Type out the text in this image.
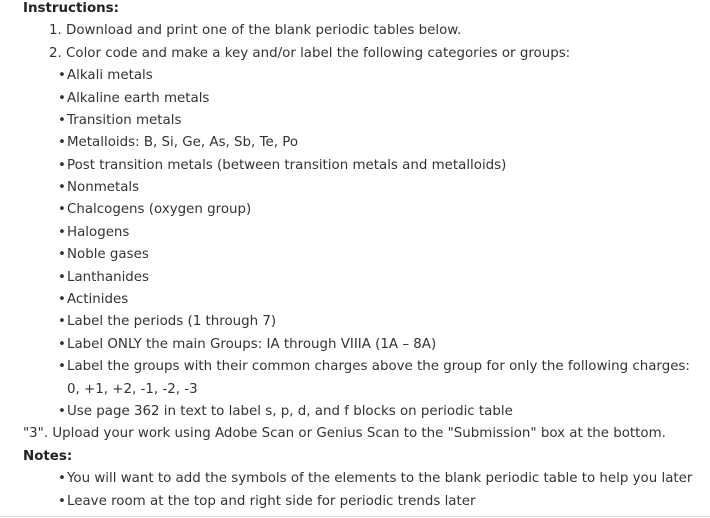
Instructions:
1. Download and print one of the blank periodic tables below.
2. Color code and make a key and/or label the following categories or groups:
•Alkali metals
•Alkaline earth metals
•Transition metals
•Metalloids: B, Si, Ge, As, Sb, Te, Po
•Post transition metals (between transition metals and metalloids)
•Nonmetals
•Chalcogens (oxygen group)
•Halogens
•Noble gases
•Lanthanides
•Actinides
•Label the periods (1 through 7)
•Label ONLY the main Groups: IA through VIIIA (1A – 8A)
•Label the groups with their common charges above the group for only the following charges:
0, +1, +2, -1, -2, -3
•Use page 362 in text to label s, p, d, and f blocks on periodic table
"3". Upload your work using Adobe Scan or Genius Scan to the "Submission" box at the bottom.
Notes:
•You will want to add the symbols of the elements to the blank periodic table to help you later
•Leave room at the top and right side for periodic trends later
